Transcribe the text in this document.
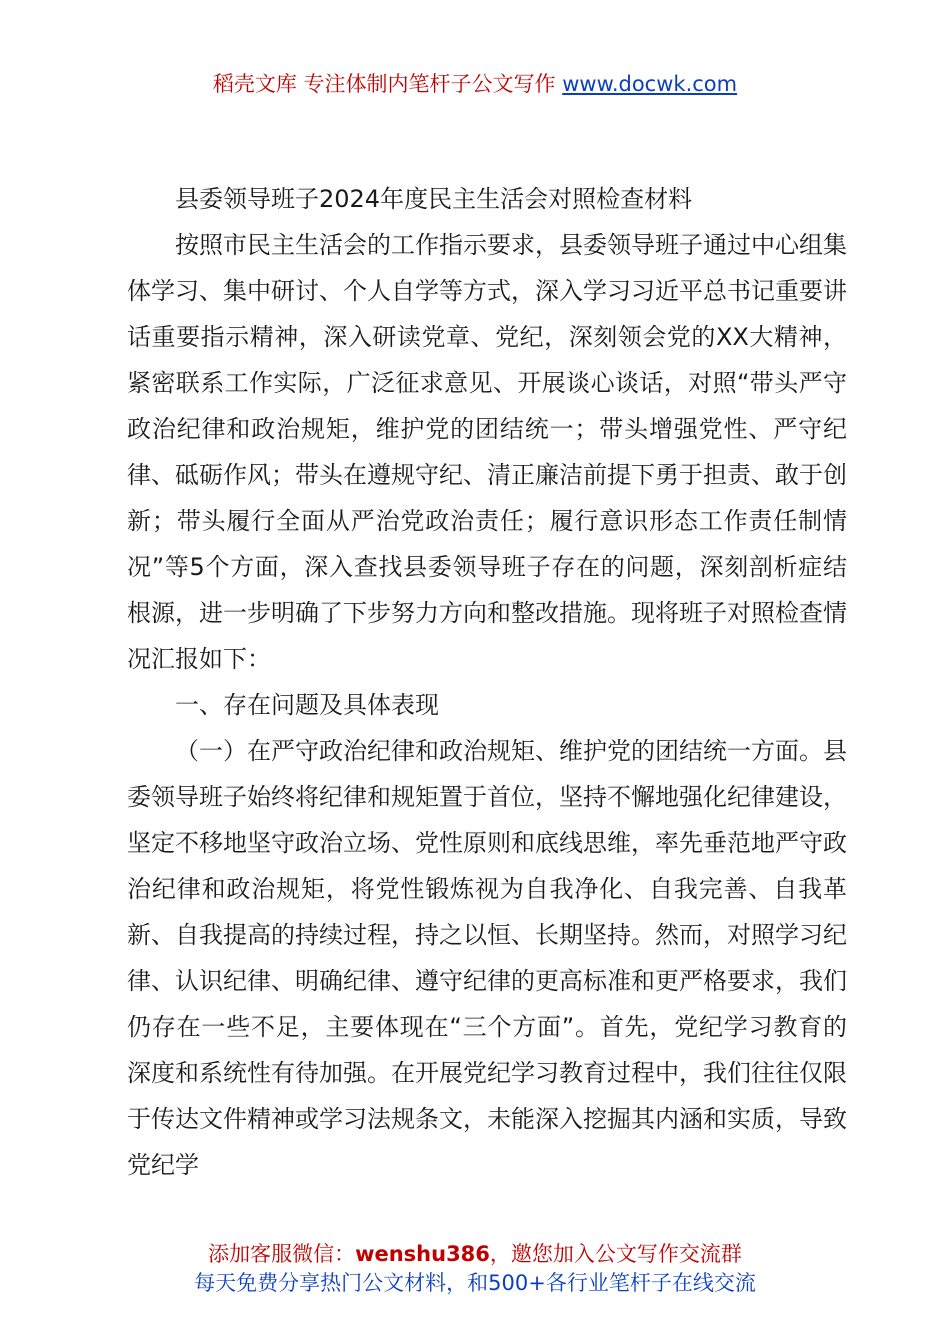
稻壳文库 专注体制内笔杆子公文写作 www.docwk.com

县委领导班子2024年度民主生活会对照检查材料

按照市民主生活会的工作指示要求，县委领导班子通过中心组集体学习、集中研讨、个人自学等方式，深入学习习近平总书记重要讲话重要指示精神，深入研读党章、党纪，深刻领会党的XX大精神，紧密联系工作实际，广泛征求意见、开展谈心谈话，对照“带头严守政治纪律和政治规矩，维护党的团结统一；带头增强党性、严守纪律、砥砺作风；带头在遵规守纪、清正廉洁前提下勇于担责、敢于创新；带头履行全面从严治党政治责任；履行意识形态工作责任制情况”等5个方面，深入查找县委领导班子存在的问题，深刻剖析症结根源，进一步明确了下步努力方向和整改措施。现将班子对照检查情况汇报如下：

一、存在问题及具体表现

（一）在严守政治纪律和政治规矩、维护党的团结统一方面。县委领导班子始终将纪律和规矩置于首位，坚持不懈地强化纪律建设，坚定不移地坚守政治立场、党性原则和底线思维，率先垂范地严守政治纪律和政治规矩，将党性锻炼视为自我净化、自我完善、自我革新、自我提高的持续过程，持之以恒、长期坚持。然而，对照学习纪律、认识纪律、明确纪律、遵守纪律的更高标准和更严格要求，我们仍存在一些不足，主要体现在“三个方面”。首先，党纪学习教育的深度和系统性有待加强。在开展党纪学习教育过程中，我们往往仅限于传达文件精神或学习法规条文，未能深入挖掘其内涵和实质，导致党纪学

添加客服微信：wenshu386，邀您加入公文写作交流群
每天免费分享热门公文材料，和500+各行业笔杆子在线交流
